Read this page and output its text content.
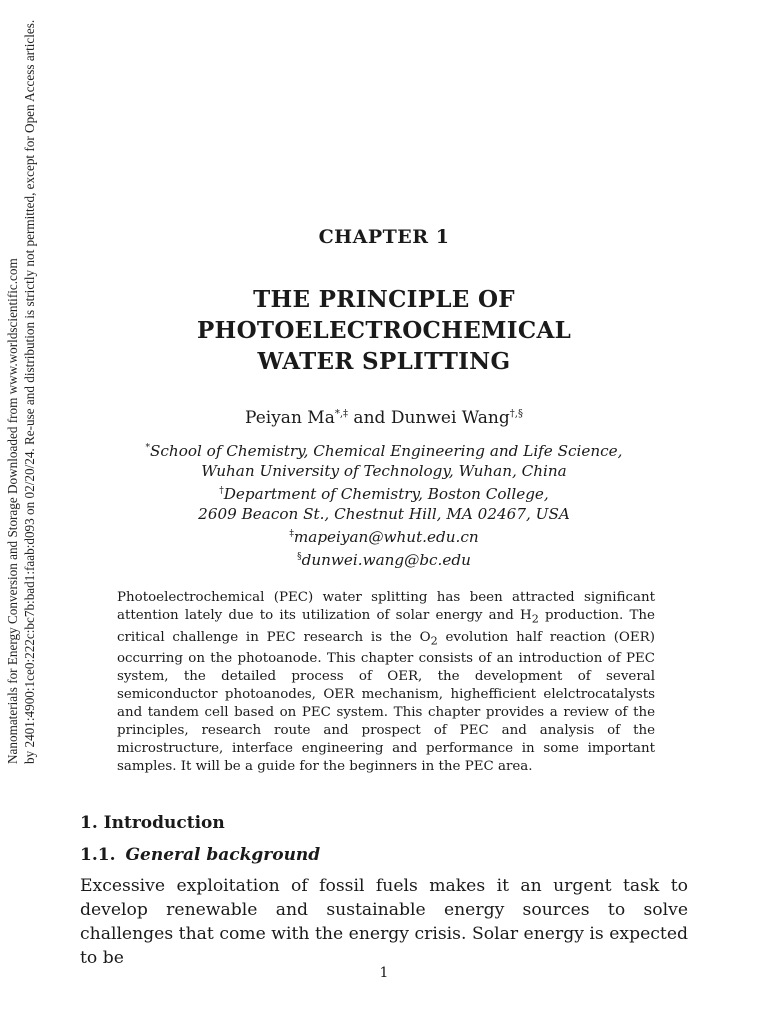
Nanomaterials for Energy Conversion and Storage Downloaded from www.worldscientific.com by 2401:4900:1ce0:222c:bc7b:bad1:faab:d093 on 02/20/24. Re-use and distribution is strictly not permitted, except for Open Access articles.	CHAPTER 1
THE PRINCIPLE OF
PHOTOELECTROCHEMICAL
WATER SPLITTING
Peiyan Ma*,‡ and Dunwei Wang†,§
*School of Chemistry, Chemical Engineering and Life Science,
Wuhan University of Technology, Wuhan, China
†Department of Chemistry, Boston College,
2609 Beacon St., Chestnut Hill, MA 02467, USA
‡mapeiyan@whut.edu.cn
§dunwei.wang@bc.edu
Photoelectrochemical (PEC) water splitting has been attracted significant attention lately due to its utilization of solar energy and $H_2$ production. The critical challenge in PEC research is the $O_2$ evolution half reaction (OER) occurring on the photoanode. This chapter consists of an introduction of PEC system, the detailed process of OER, the development of several semiconductor photoanodes, OER mechanism, highefficient elelctrocatalysts and tandem cell based on PEC system. This chapter provides a review of the principles, research route and prospect of PEC and analysis of the microstructure, interface engineering and performance in some important samples. It will be a guide for the beginners in the PEC area.
1. Introduction
1.1. General background
Excessive exploitation of fossil fuels makes it an urgent task to develop renewable and sustainable energy sources to solve challenges that come with the energy crisis. Solar energy is expected to be
1
